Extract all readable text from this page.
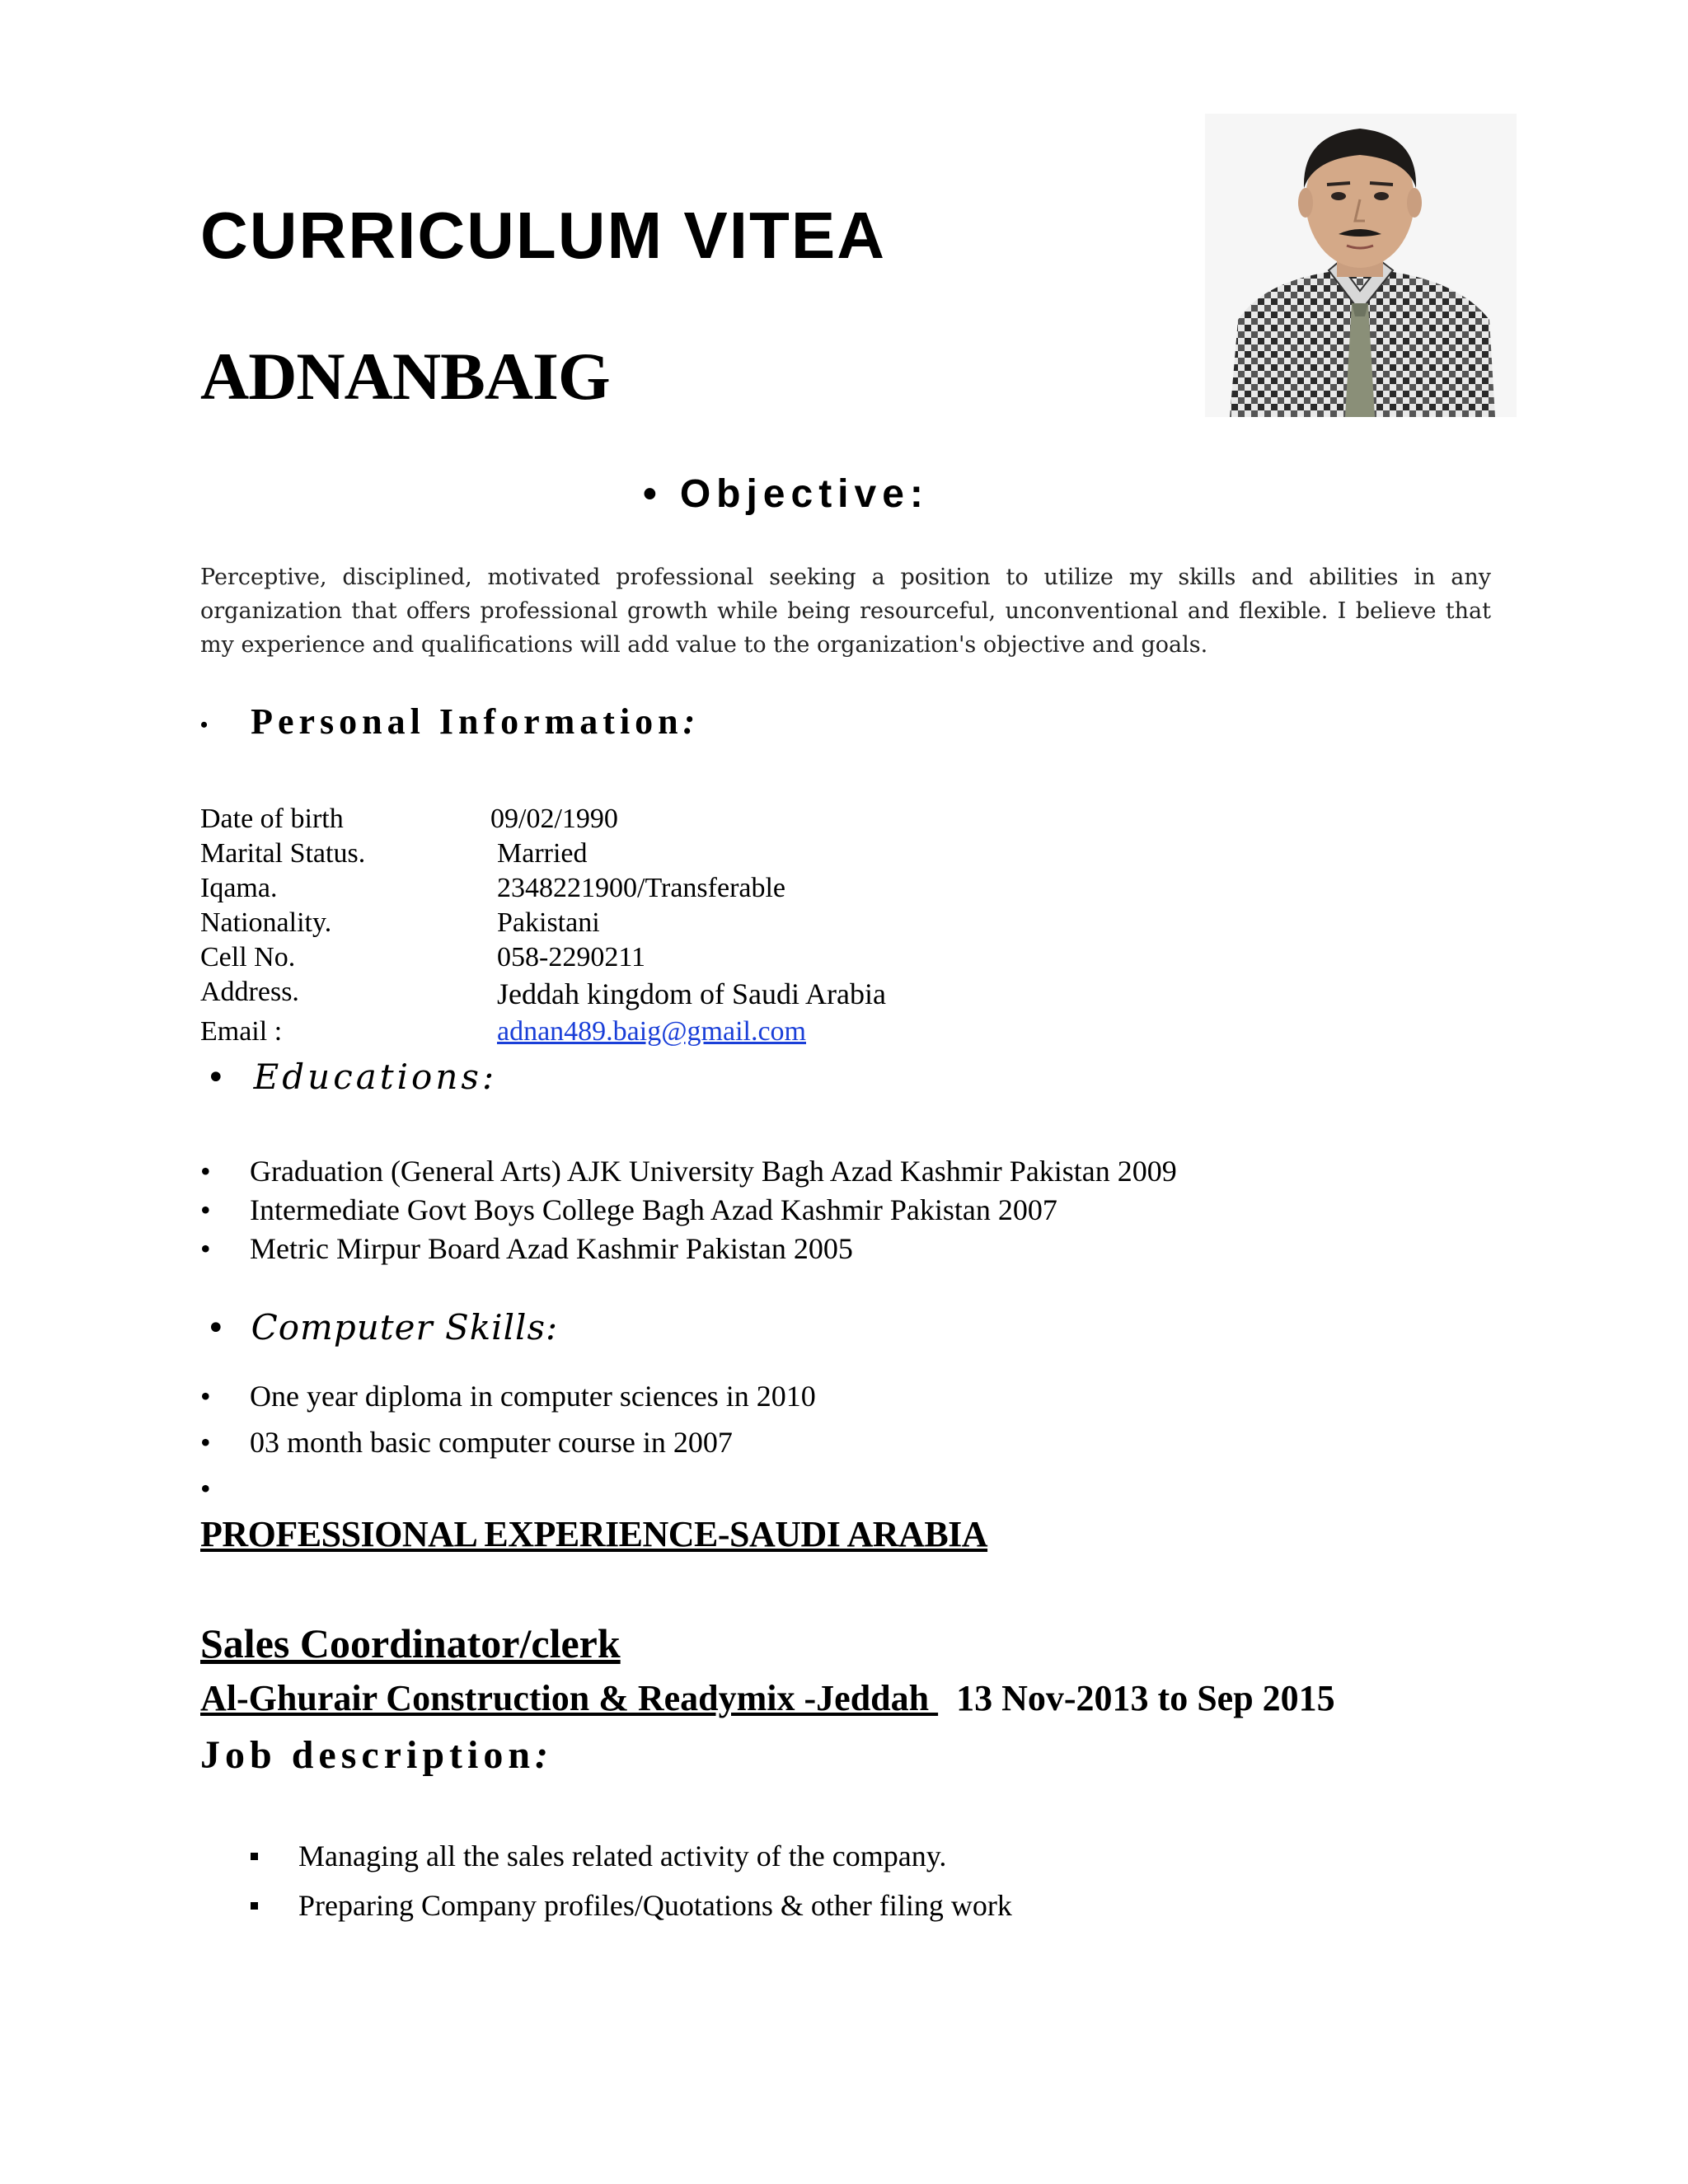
CURRICULUM VITEA
ADNANBAIG
• Objective:
Perceptive, disciplined, motivated professional seeking a position to utilize my skills and abilities in any organization that offers professional growth while being resourceful, unconventional and flexible. I believe that my experience and qualifications will add value to the organization's objective and goals.
• Personal Information:
Date of birth	09/02/1990
Marital Status.	Married
Iqama.	2348221900/Transferable
Nationality.	Pakistani
Cell No.	058-2290211
Address.	Jeddah kingdom of Saudi Arabia
Email :	adnan489.baig@gmail.com
• Educations:
• Graduation (General Arts) AJK University Bagh Azad Kashmir Pakistan 2009
• Intermediate Govt Boys College Bagh Azad Kashmir Pakistan 2007
• Metric Mirpur Board Azad Kashmir Pakistan 2005
• Computer Skills:
• One year diploma in computer sciences in 2010
• 03 month basic computer course in 2007
•
PROFESSIONAL EXPERIENCE-SAUDI ARABIA
Sales Coordinator/clerk
Al-Ghurair Construction & Readymix -Jeddah 13 Nov-2013 to Sep 2015
Job description:
Managing all the sales related activity of the company.
Preparing Company profiles/Quotations & other filing work
